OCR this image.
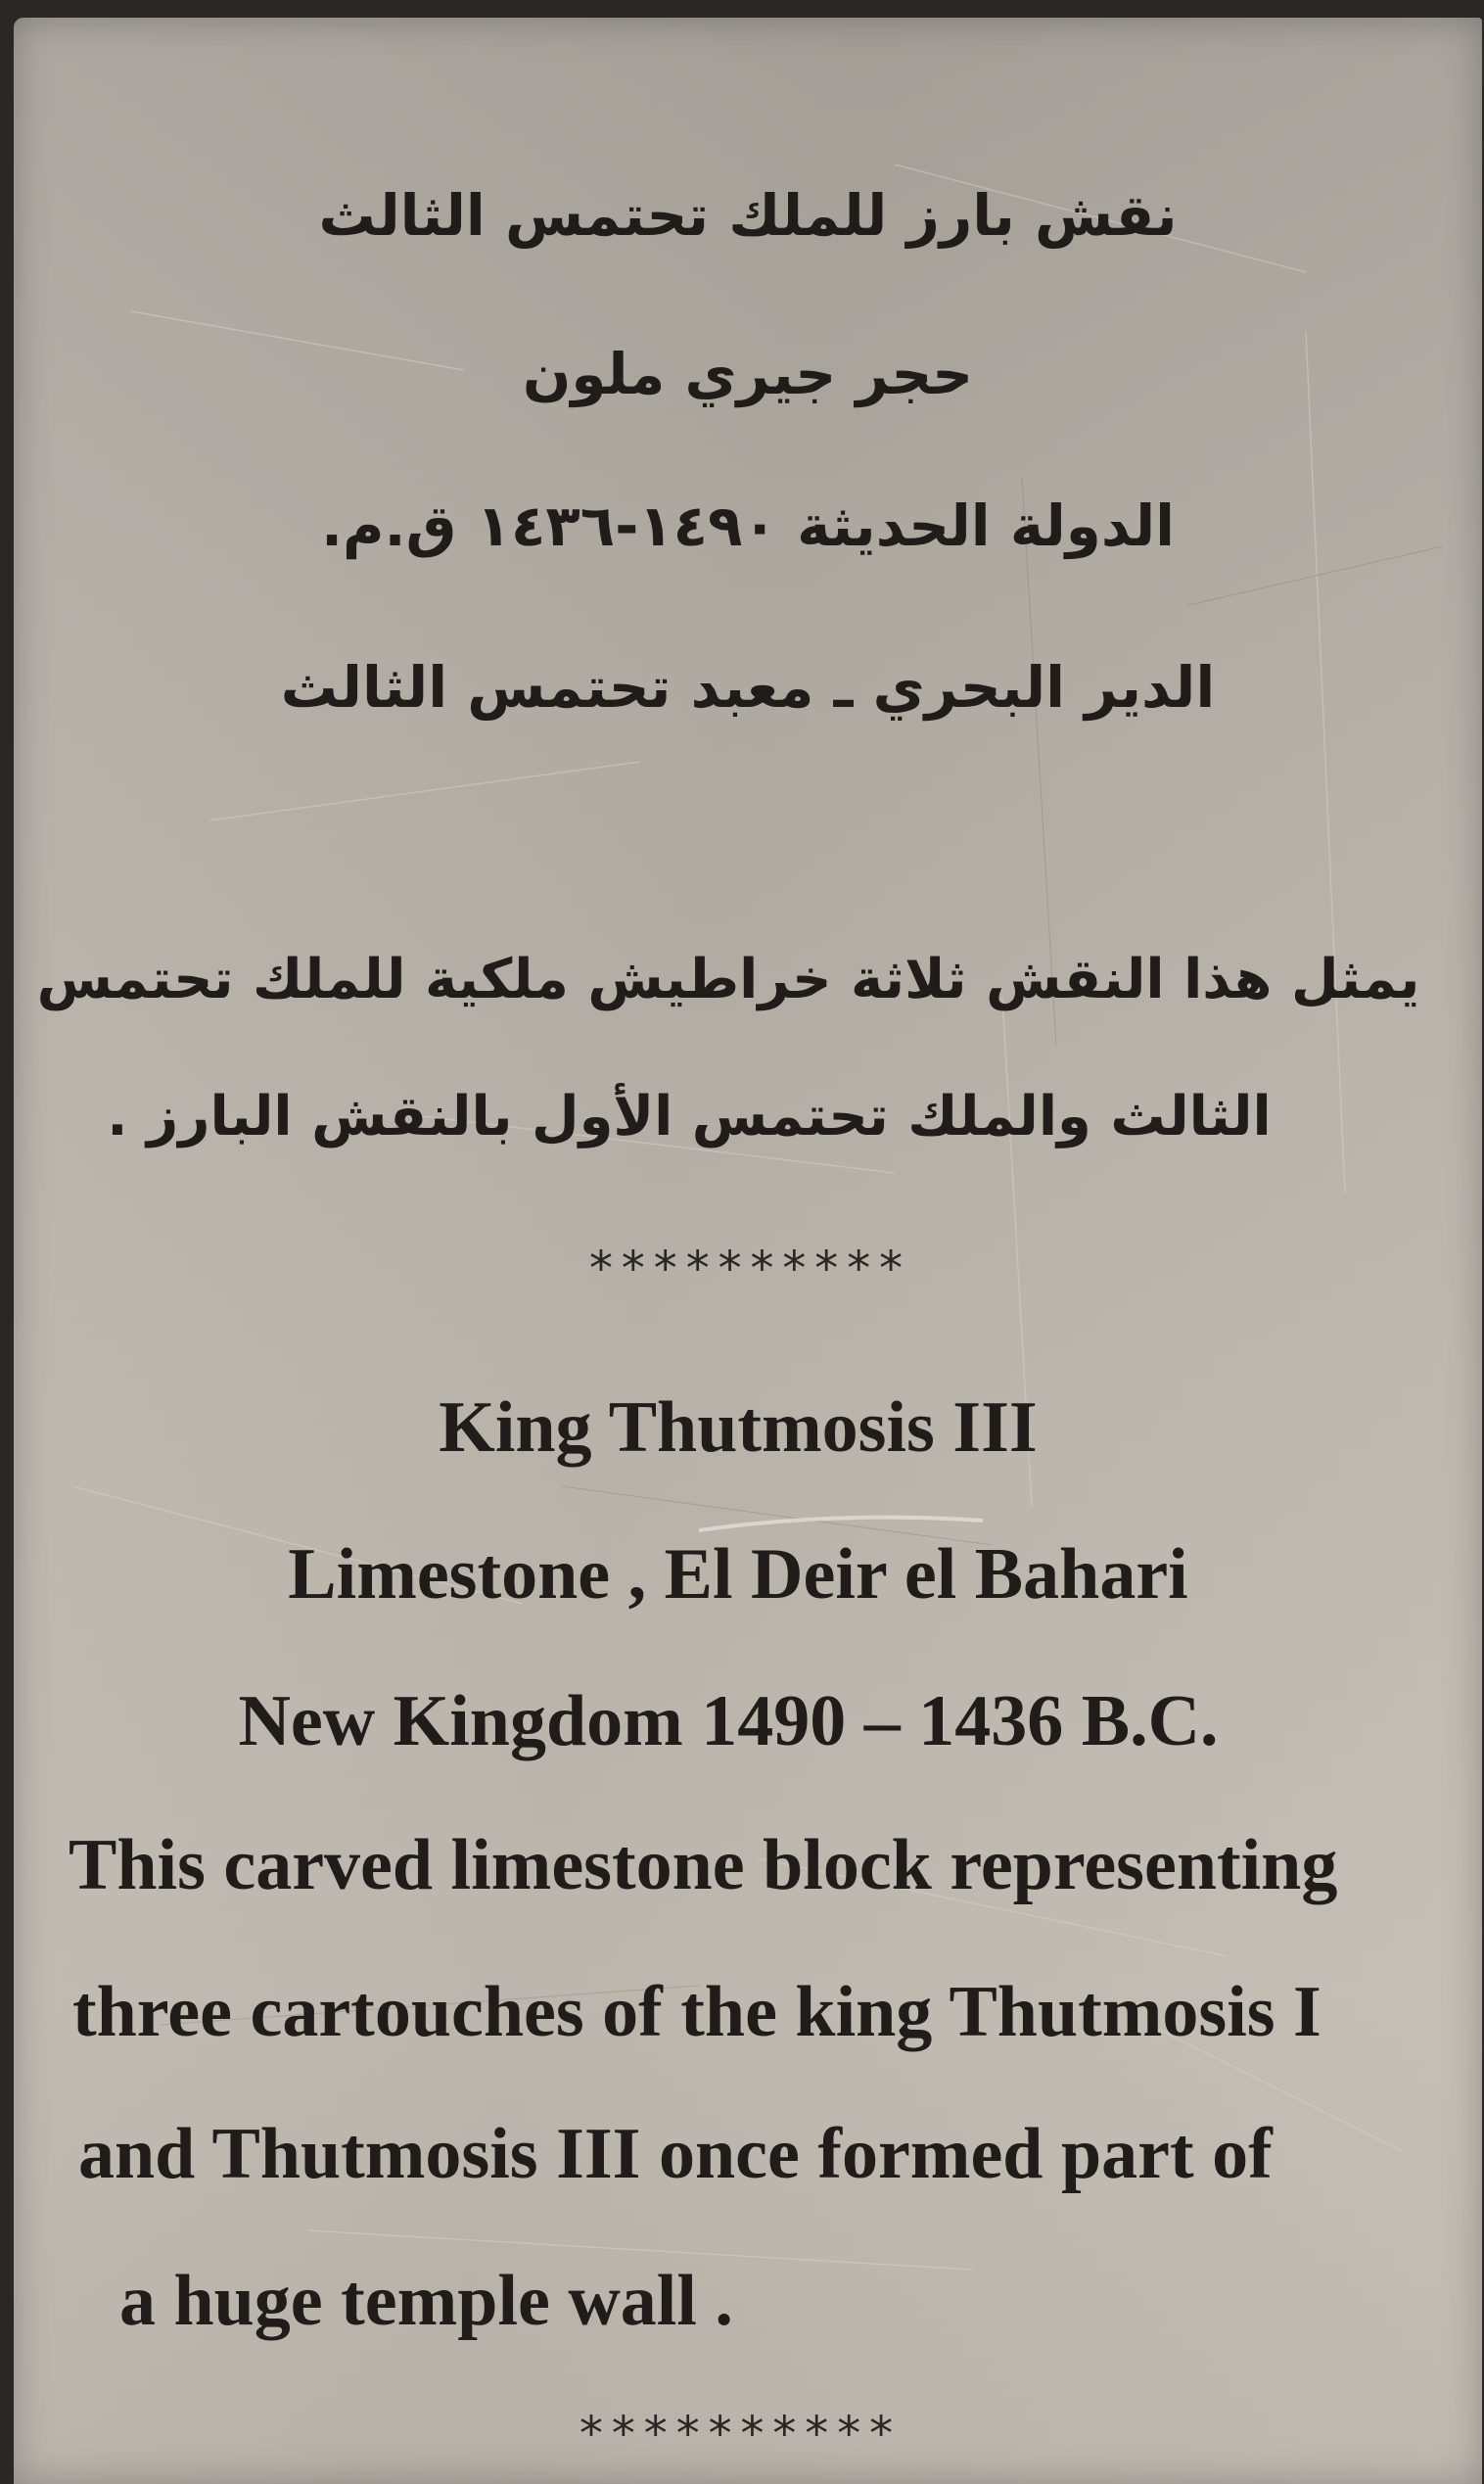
نقش بارز للملك تحتمس الثالث

حجر جيري ملون

الدولة الحديثة ١٤٩٠-١٤٣٦ ق.م.

الدير البحري ـ معبد تحتمس الثالث

يمثل هذا النقش ثلاثة خراطيش ملكية للملك تحتمس

الثالث والملك تحتمس الأول بالنقش البارز .

**********

King Thutmosis III

Limestone , El Deir el Bahari

New Kingdom 1490 – 1436 B.C.

This carved limestone block representing

three cartouches of the king Thutmosis I

and Thutmosis III once formed part of

a huge temple wall .

**********
